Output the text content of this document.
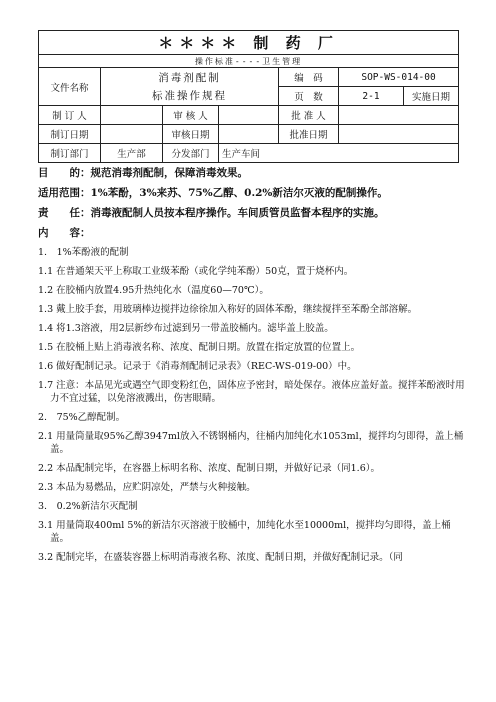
＊＊＊＊ 制 药 厂						
操作标准----卫生管理						
文件名称	消毒剂配制
标准操作规程			编　码	SOP-WS-014-00	
				页　数	2-1	实施日期
制 订 人		审 核 人		批 准 人		
制订日期		审核日期		批准日期		
制订部门	生产部	分发部门	生产车间			
目　　的：规范消毒剂配制，保障消毒效果。
适用范围：1%苯酚，3%来苏、75%乙醇、0.2%新洁尔灭液的配制操作。
责　　任：消毒液配制人员按本程序操作。车间质管员监督本程序的实施。
内　　容：
1.　1%苯酚液的配制
1.1 在普通架天平上称取工业级苯酚（或化学纯苯酚）50克，置于烧杯内。
1.2 在胶桶内放置4.95升热纯化水（温度60—70℃）。
1.3 戴上胶手套，用玻璃棒边搅拌边徐徐加入称好的固体苯酚，继续搅拌至苯酚全部溶解。
1.4 将1.3溶液，用2层新纱布过滤到另一带盖胶桶内。滤毕盖上胶盖。
1.5 在胶桶上贴上消毒液名称、浓度、配制日期。放置在指定放置的位置上。
1.6 做好配制记录。记录于《消毒剂配制记录表》（REC-WS-019-00）中。
1.7 注意：本品见光或遇空气即变粉红色，固体应予密封，暗处保存。液体应盖好盖。搅拌苯酚液时用力不宜过猛，以免溶液溅出，伤害眼睛。
2.　75%乙醇配制。
2.1 用量筒量取95%乙醇3947ml放入不锈钢桶内，往桶内加纯化水1053ml，搅拌均匀即得，盖上桶盖。
2.2 本品配制完毕，在容器上标明名称、浓度、配制日期，并做好记录（同1.6）。
2.3 本品为易燃品，应贮阴凉处，严禁与火种接触。
3.　0.2%新洁尔灭配制
3.1 用量筒取400ml 5%的新洁尔灭溶液于胶桶中，加纯化水至10000ml，搅拌均匀即得，盖上桶盖。
3.2 配制完毕，在盛装容器上标明消毒液名称、浓度、配制日期，并做好配制记录。（同
